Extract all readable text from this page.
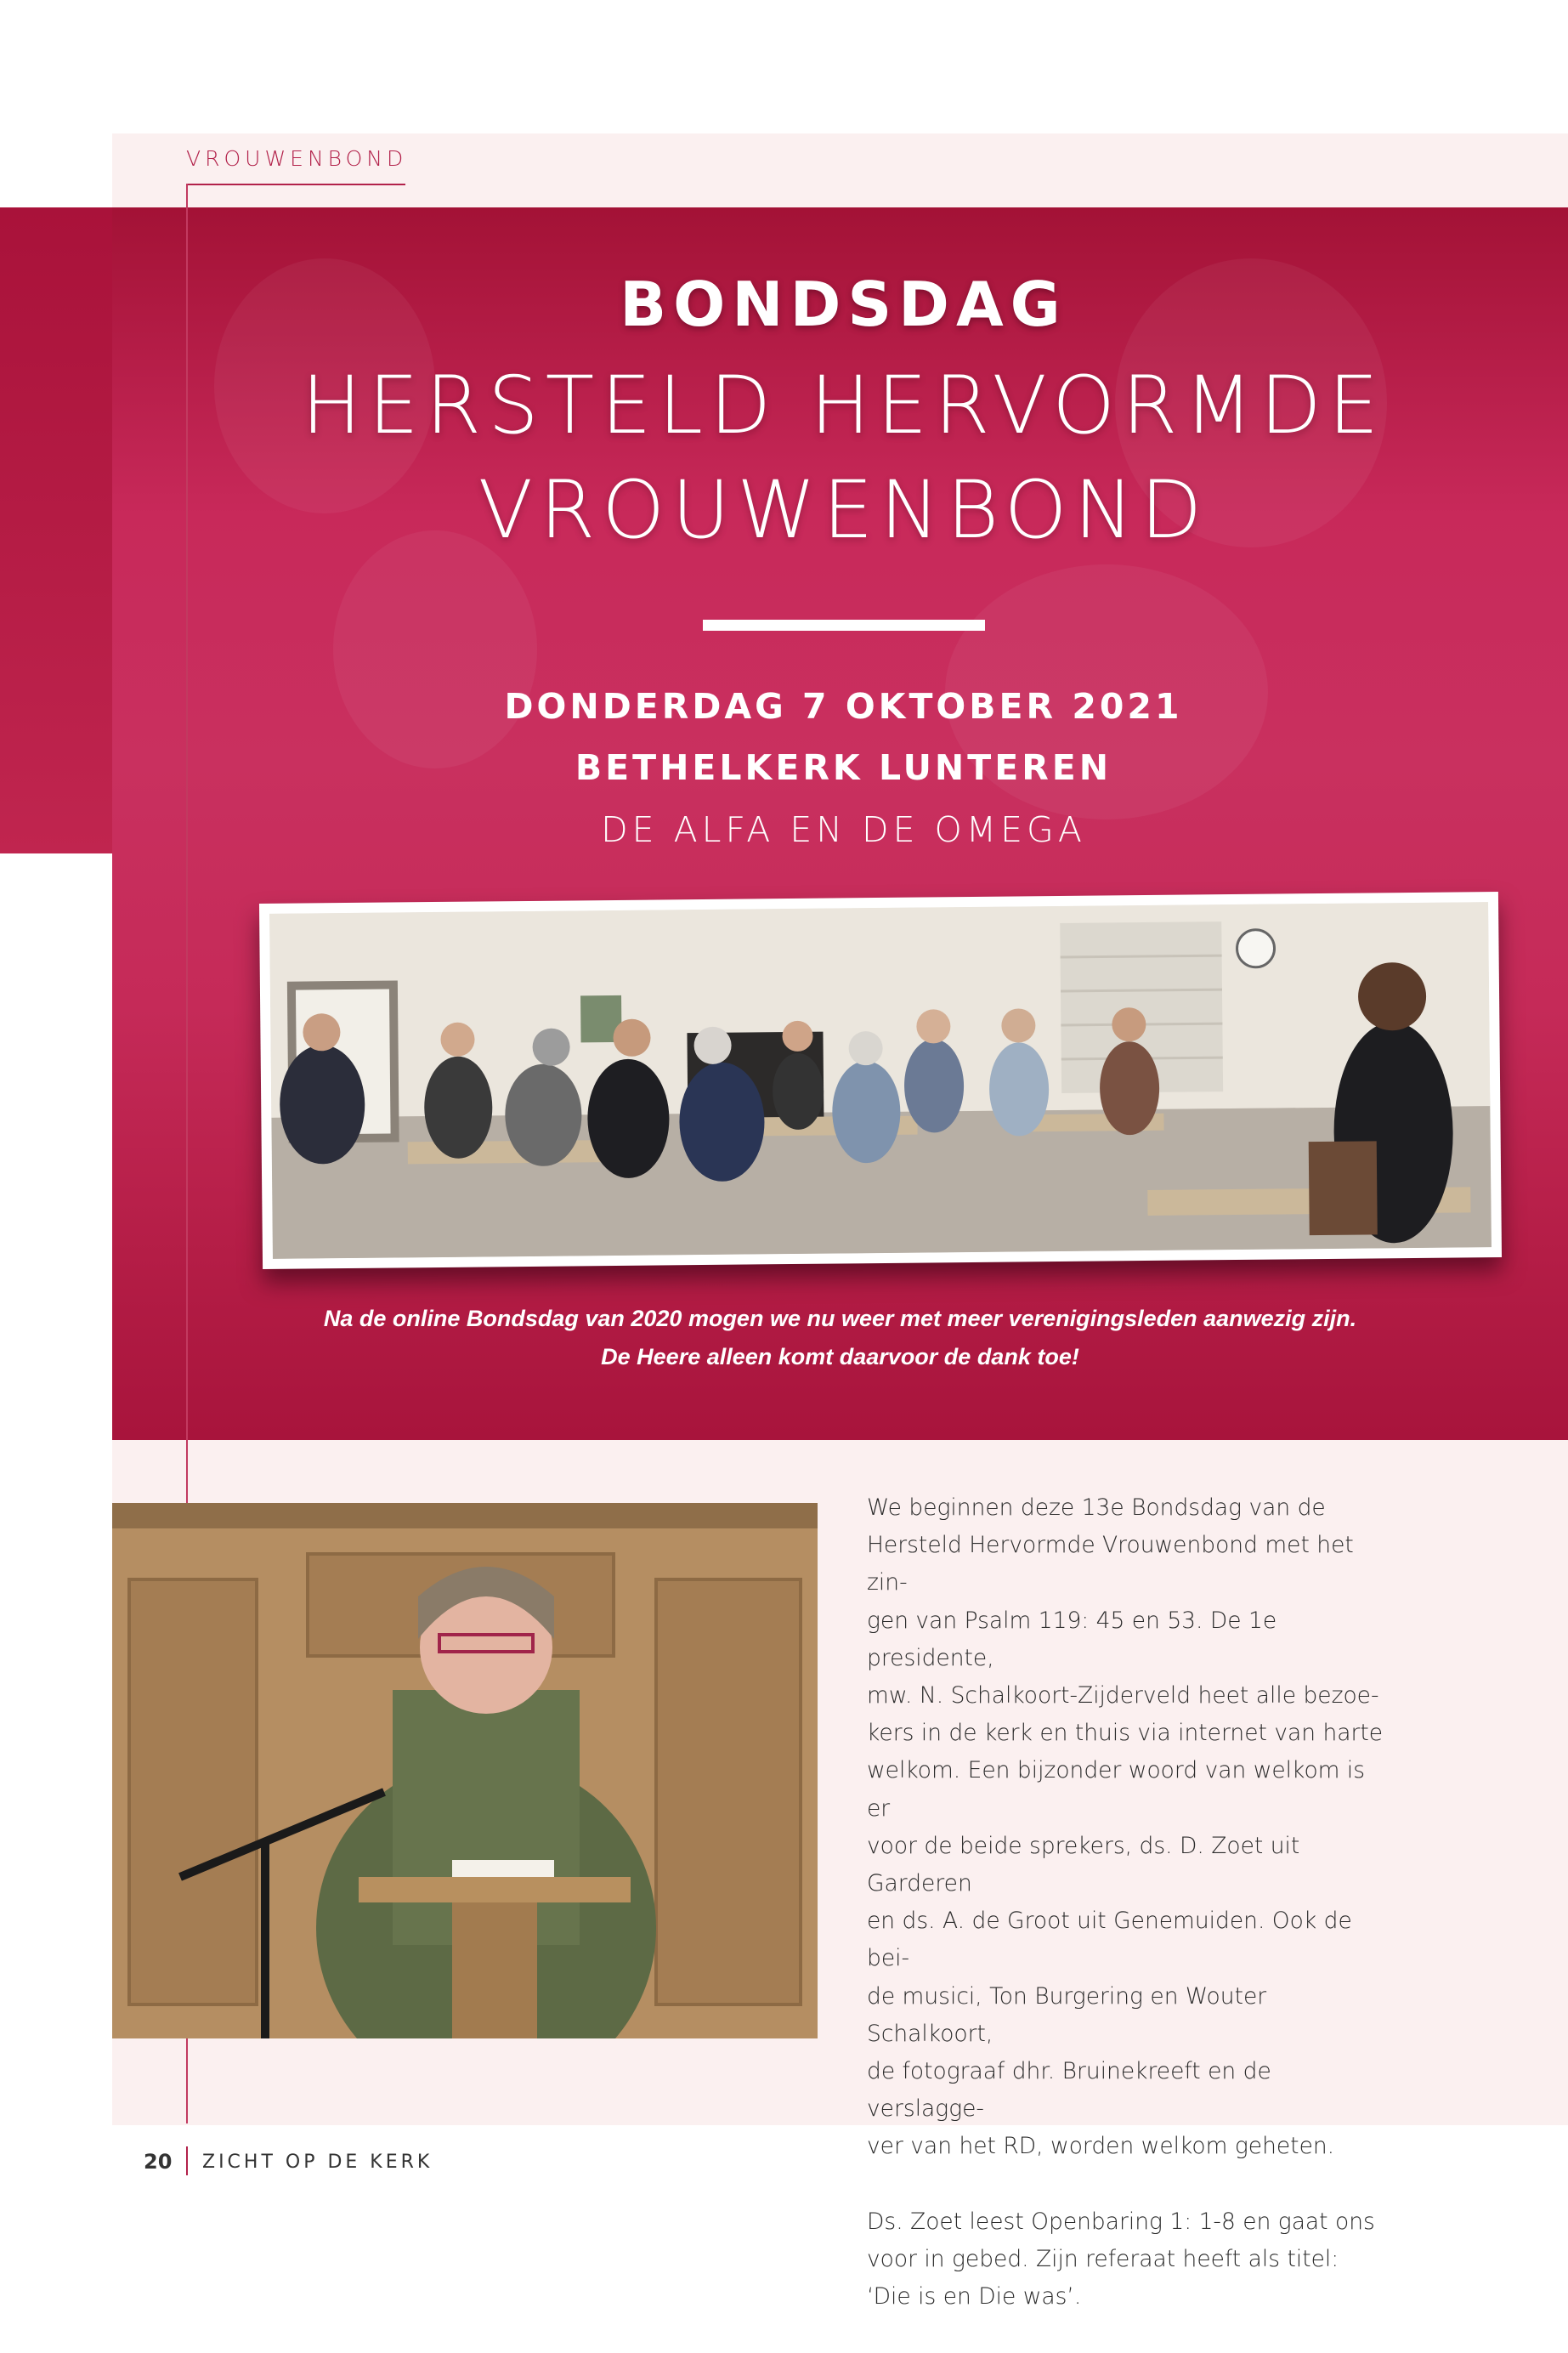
VROUWENBOND
BONDSDAG
HERSTELD HERVORMDE
VROUWENBOND
DONDERDAG 7 OKTOBER 2021
BETHELKERK LUNTEREN
DE ALFA EN DE OMEGA
Na de online Bondsdag van 2020 mogen we nu weer met meer verenigingsleden aanwezig zijn.
De Heere alleen komt daarvoor de dank toe!

We beginnen deze 13e Bondsdag van de
Hersteld Hervormde Vrouwenbond met het zin-
gen van Psalm 119: 45 en 53. De 1e presidente,
mw. N. Schalkoort-Zijderveld heet alle bezoe-
kers in de kerk en thuis via internet van harte
welkom. Een bijzonder woord van welkom is er
voor de beide sprekers, ds. D. Zoet uit Garderen
en ds. A. de Groot uit Genemuiden. Ook de bei-
de musici, Ton Burgering en Wouter Schalkoort,
de fotograaf dhr. Bruinekreeft en de verslagge-
ver van het RD, worden welkom geheten.

Ds. Zoet leest Openbaring 1: 1-8 en gaat ons
voor in gebed. Zijn referaat heeft als titel:
‘Die is en Die was’.

20 ZICHT OP DE KERK
